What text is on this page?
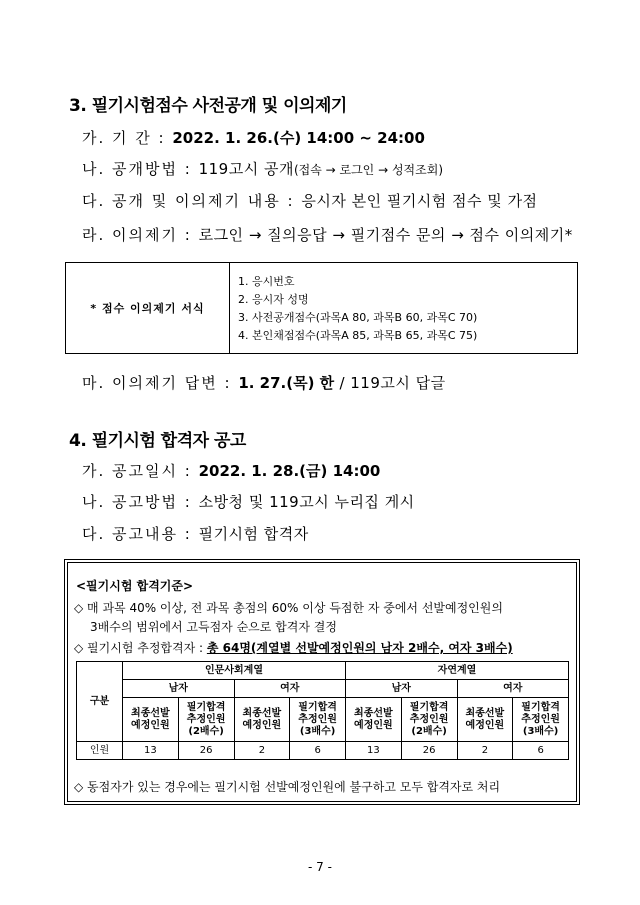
3. 필기시험점수 사전공개 및 이의제기
가. 기 간 : 2022. 1. 26.(수) 14:00 ~ 24:00
나. 공개방법 : 119고시 공개(접속 → 로그인 → 성적조회)
다. 공개 및 이의제기 내용 : 응시자 본인 필기시험 점수 및 가점
라. 이의제기 : 로그인 → 질의응답 → 필기점수 문의 → 점수 이의제기*
* 점수 이의제기 서식
1. 응시번호
2. 응시자 성명
3. 사전공개점수(과목A 80, 과목B 60, 과목C 70)
4. 본인채점점수(과목A 85, 과목B 65, 과목C 75)
마. 이의제기 답변 : 1. 27.(목) 한 / 119고시 답글
4. 필기시험 합격자 공고
가. 공고일시 : 2022. 1. 28.(금) 14:00
나. 공고방법 : 소방청 및 119고시 누리집 게시
다. 공고내용 : 필기시험 합격자
<필기시험 합격기준>
◇ 매 과목 40% 이상, 전 과목 총점의 60% 이상 득점한 자 중에서 선발예정인원의
3배수의 범위에서 고득점자 순으로 합격자 결정
◇ 필기시험 추정합격자 : 총 64명(계열별 선발예정인원의 남자 2배수, 여자 3배수)
구분	인문사회계열				자연계열			
	남자		여자		남자		여자	
	최종선발
예정인원	필기합격
추정인원
(2배수)	최종선발
예정인원	필기합격
추정인원
(3배수)	최종선발
예정인원	필기합격
추정인원
(2배수)	최종선발
예정인원	필기합격
추정인원
(3배수)
인원	13	26	2	6	13	26	2	6
◇ 동점자가 있는 경우에는 필기시험 선발예정인원에 불구하고 모두 합격자로 처리
- 7 -
